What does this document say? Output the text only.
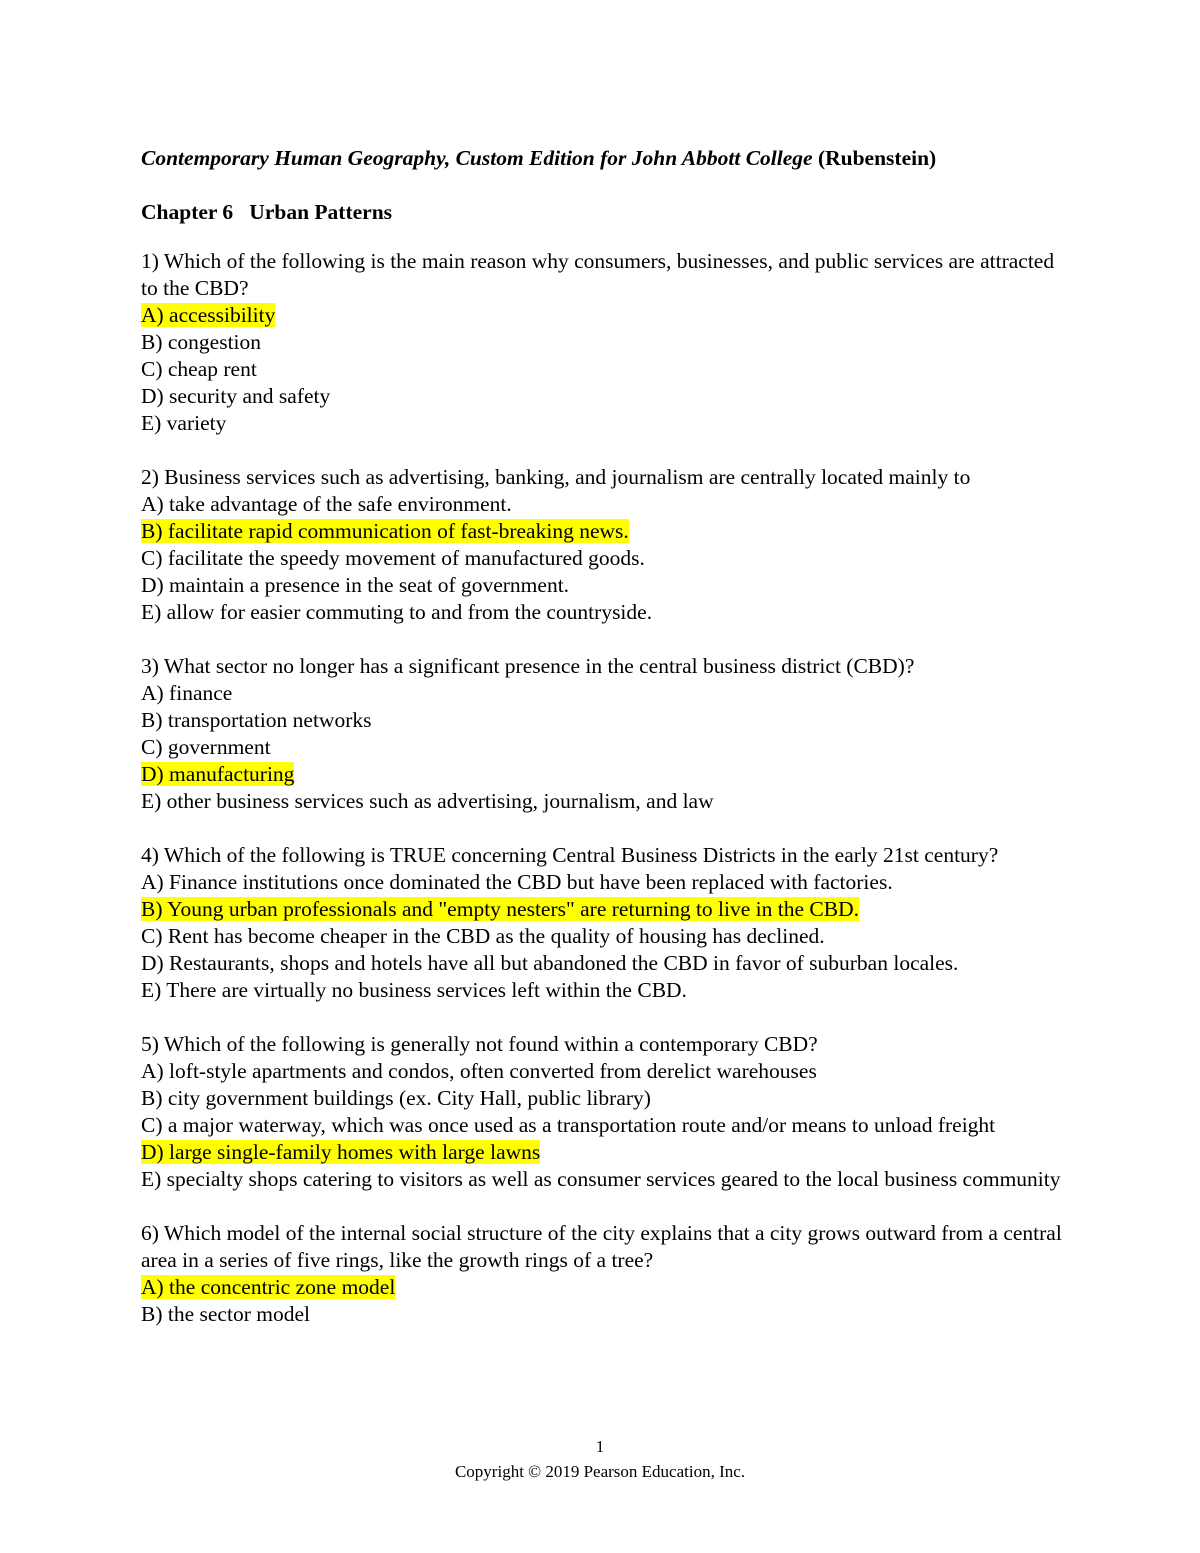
Contemporary Human Geography, Custom Edition for John Abbott College (Rubenstein)

Chapter 6   Urban Patterns

1) Which of the following is the main reason why consumers, businesses, and public services are attracted to the CBD?

A) accessibility

B) congestion

C) cheap rent

D) security and safety

E) variety

2) Business services such as advertising, banking, and journalism are centrally located mainly to

A) take advantage of the safe environment.

B) facilitate rapid communication of fast-breaking news.

C) facilitate the speedy movement of manufactured goods.

D) maintain a presence in the seat of government.

E) allow for easier commuting to and from the countryside.

3) What sector no longer has a significant presence in the central business district (CBD)?

A) finance

B) transportation networks

C) government

D) manufacturing

E) other business services such as advertising, journalism, and law

4) Which of the following is TRUE concerning Central Business Districts in the early 21st century?

A) Finance institutions once dominated the CBD but have been replaced with factories.

B) Young urban professionals and "empty nesters" are returning to live in the CBD.

C) Rent has become cheaper in the CBD as the quality of housing has declined.

D) Restaurants, shops and hotels have all but abandoned the CBD in favor of suburban locales.

E) There are virtually no business services left within the CBD.

5) Which of the following is generally not found within a contemporary CBD?

A) loft-style apartments and condos, often converted from derelict warehouses

B) city government buildings (ex. City Hall, public library)

C) a major waterway, which was once used as a transportation route and/or means to unload freight

D) large single-family homes with large lawns

E) specialty shops catering to visitors as well as consumer services geared to the local business community

6) Which model of the internal social structure of the city explains that a city grows outward from a central area in a series of five rings, like the growth rings of a tree?

A) the concentric zone model

B) the sector model

1
Copyright © 2019 Pearson Education, Inc.
